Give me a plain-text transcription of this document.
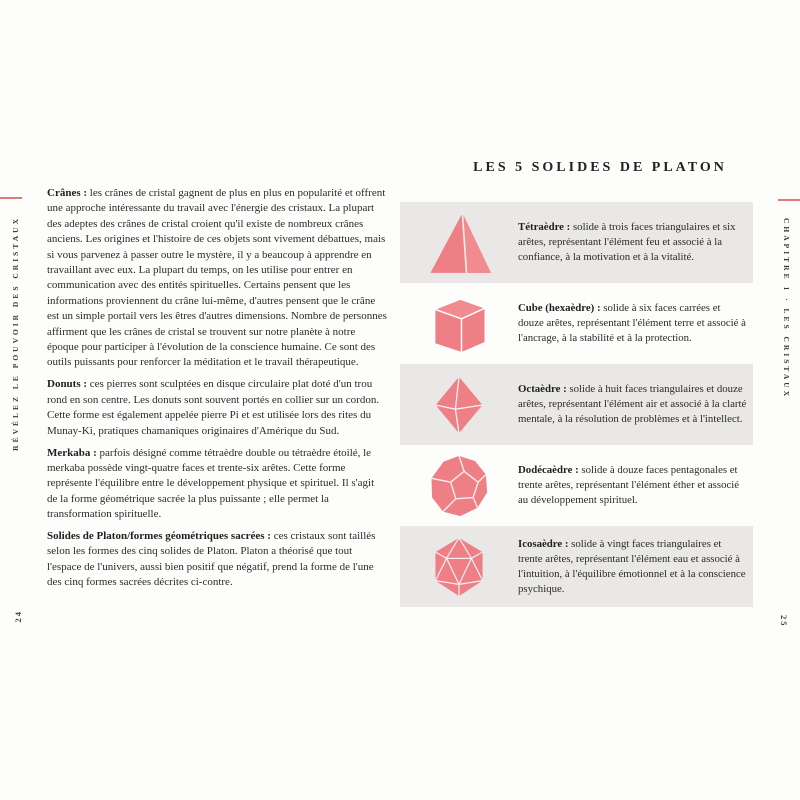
RÉVÉLEZ LE POUVOIR DES CRISTAUX
24

Crânes : les crânes de cristal gagnent de plus en plus en popularité et offrent une approche intéressante du travail avec l'énergie des cristaux. La plupart des adeptes des crânes de cristal croient qu'il existe de nombreux crânes anciens. Les origines et l'histoire de ces objets sont vivement débattues, mais si vous parvenez à passer outre le mystère, il y a beaucoup à apprendre en travaillant avec eux. La plupart du temps, on les utilise pour entrer en communication avec des entités spirituelles. Certains pensent que les informations proviennent du crâne lui-même, d'autres pensent que le crâne est un simple portail vers les êtres d'autres dimensions. Nombre de personnes affirment que les crânes de cristal se trouvent sur notre planète à notre époque pour participer à l'évolution de la conscience humaine. Ce sont des outils puissants pour renforcer la méditation et le travail thérapeutique.

Donuts : ces pierres sont sculptées en disque circulaire plat doté d'un trou rond en son centre. Les donuts sont souvent portés en collier sur un cordon. Cette forme est également appelée pierre Pi et est utilisée lors des rites du Munay-Ki, pratiques chamaniques originaires d'Amérique du Sud.

Merkaba : parfois désigné comme tétraèdre double ou tétraèdre étoilé, le merkaba possède vingt-quatre faces et trente-six arêtes. Cette forme représente l'équilibre entre le développement physique et spirituel. Il s'agit de la forme géométrique sacrée la plus puissante ; elle permet la transformation spirituelle.

Solides de Platon/formes géométriques sacrées : ces cristaux sont taillés selon les formes des cinq solides de Platon. Platon a théorisé que tout l'espace de l'univers, aussi bien positif que négatif, prend la forme de l'une des cinq formes sacrées décrites ci-contre.

LES 5 SOLIDES DE PLATON
Tétraèdre : solide à trois faces triangulaires et six arêtes, représentant l'élément feu et associé à la confiance, à la motivation et à la vitalité.
Cube (hexaèdre) : solide à six faces carrées et douze arêtes, représentant l'élément terre et associé à l'ancrage, à la stabilité et à la protection.
Octaèdre : solide à huit faces triangulaires et douze arêtes, représentant l'élément air et associé à la clarté mentale, à la résolution de problèmes et à l'intellect.
Dodécaèdre : solide à douze faces pentagonales et trente arêtes, représentant l'élément éther et associé au développement spirituel.
Icosaèdre : solide à vingt faces triangulaires et trente arêtes, représentant l'élément eau et associé à l'intuition, à l'équilibre émotionnel et à la conscience psychique.
CHAPITRE 1 · LES CRISTAUX
25
